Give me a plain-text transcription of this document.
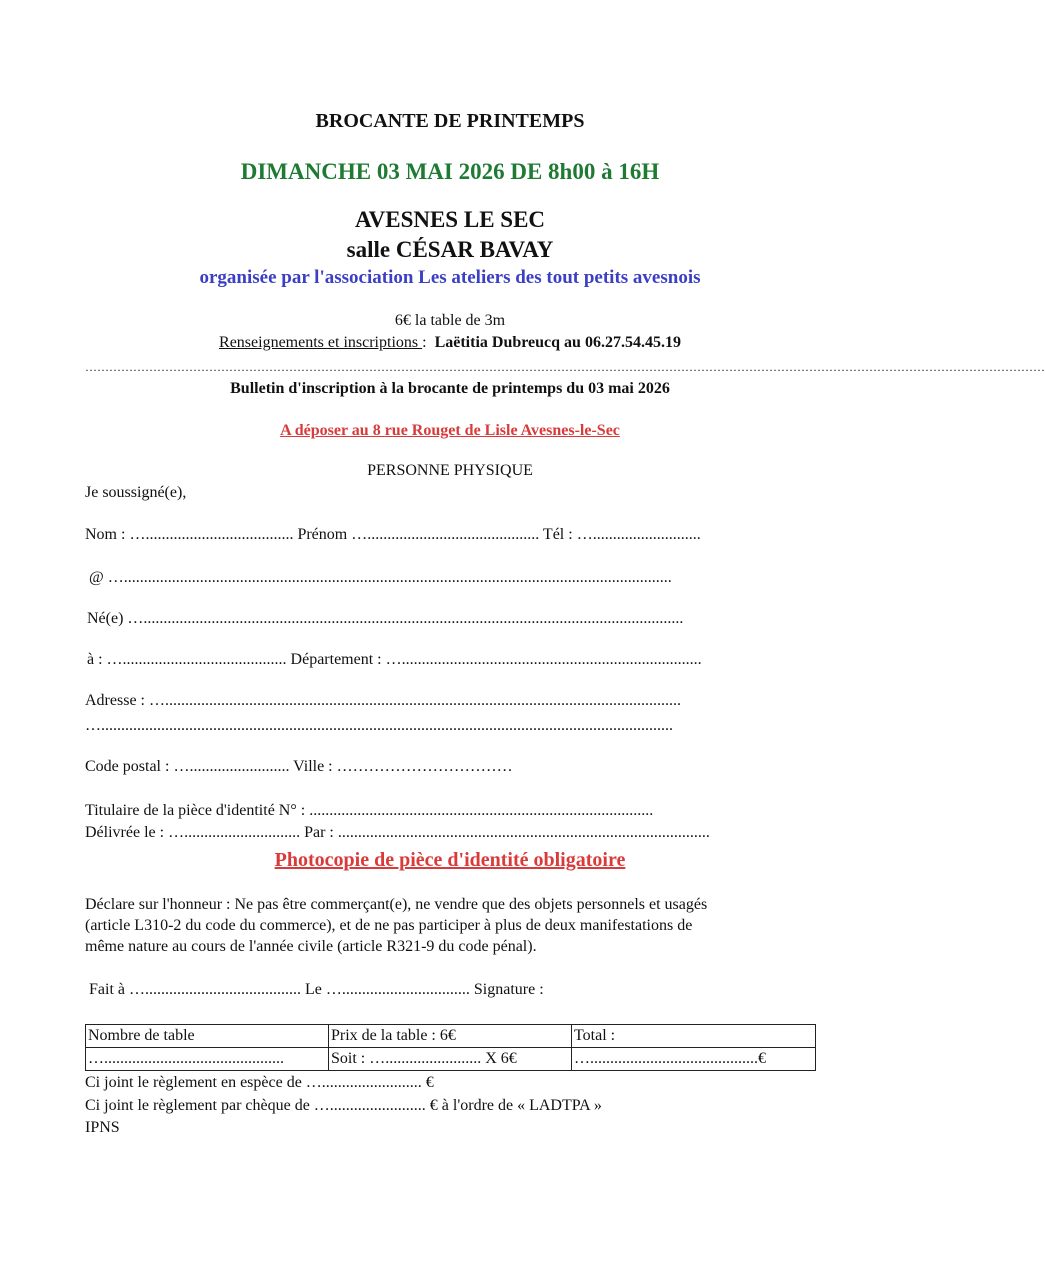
BROCANTE DE PRINTEMPS
DIMANCHE 03 MAI 2026 DE 8h00 à 16H
AVESNES LE SEC
salle CÉSAR BAVAY
organisée par l'association Les ateliers des tout petits avesnois
6€ la table de 3m
Renseignements et inscriptions : Laëtitia Dubreucq au 06.27.54.45.19
……………………………………………………………………………………………………………………………………………………………………………………………………………………
Bulletin d'inscription à la brocante de printemps du 03 mai 2026
A déposer au 8 rue Rouget de Lisle Avesnes-le-Sec
PERSONNE PHYSIQUE
Je soussigné(e),
Nom : …..................................... Prénom …........................................... Tél : …...........................
@ ….........................................................................................................................................
Né(e) ….......................................................................................................................................
à : …......................................... Département : …...........................................................................
Adresse : ….................................................................................................................................
…...............................................................................................................................................
Code postal : …......................... Ville : ……………………………
Titulaire de la pièce d'identité N° : ......................................................................................
Délivrée le : …............................. Par : .............................................................................................
Photocopie de pièce d'identité obligatoire
Déclare sur l'honneur : Ne pas être commerçant(e), ne vendre que des objets personnels et usagés
(article L310-2 du code du commerce), et de ne pas participer à plus de deux manifestations de
même nature au cours de l'année civile (article R321-9 du code pénal).
Fait à …....................................... Le …................................ Signature :
Nombre de table	Prix de la table : 6€	Total :
….............................................	Soit : …........................ X 6€	…..........................................€
Ci joint le règlement en espèce de …......................... €
Ci joint le règlement par chèque de …........................ € à l'ordre de « LADTPA »
IPNS
